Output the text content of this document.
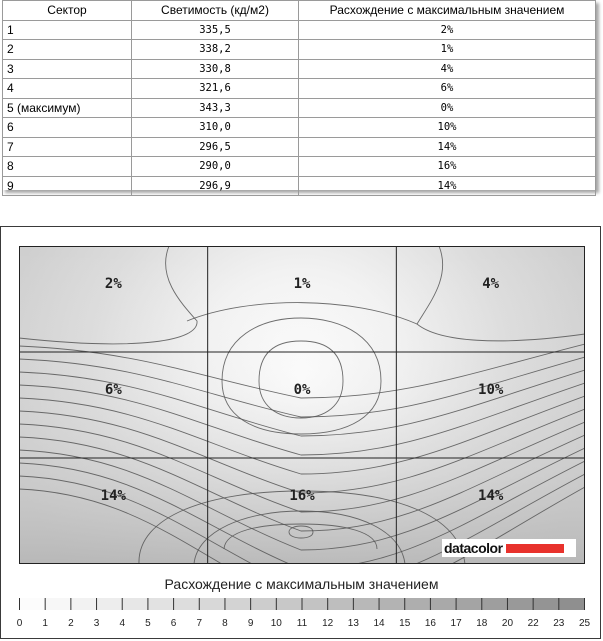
Сектор	Светимость (кд/м2)	Расхождение с максимальным значением
1	335,5	2%
2	338,2	1%
3	330,8	4%
4	321,6	6%
5 (максимум)	343,3	0%
6	310,0	10%
7	296,5	14%
8	290,0	16%
9	296,9	14%
2%	1%	4%
6%	0%	10%
14%	16%	14%
datacolor
Расхождение с максимальным значением
0 1 2 3 4 5 6 7 8 9 10 11 12 13 14 15 16 17 18 20 22 23 25
